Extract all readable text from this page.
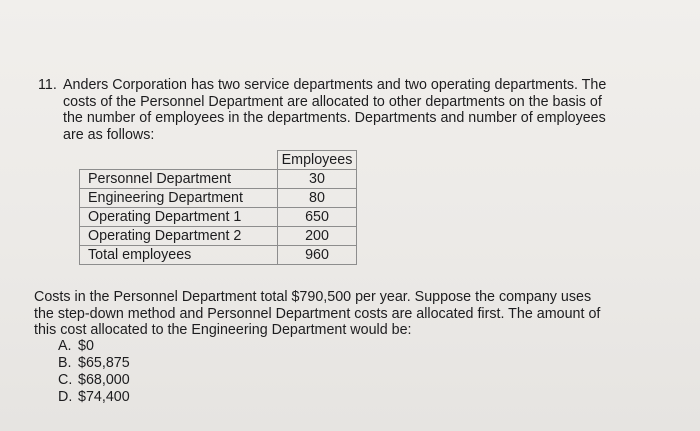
11. Anders Corporation has two service departments and two operating departments. The
costs of the Personnel Department are allocated to other departments on the basis of
the number of employees in the departments. Departments and number of employees
are as follows:
	Employees
Personnel Department	30
Engineering Department	80
Operating Department 1	650
Operating Department 2	200
Total employees	960
Costs in the Personnel Department total $790,500 per year. Suppose the company uses
the step-down method and Personnel Department costs are allocated first. The amount of
this cost allocated to the Engineering Department would be:
A. $0
B. $65,875
C. $68,000
D. $74,400
